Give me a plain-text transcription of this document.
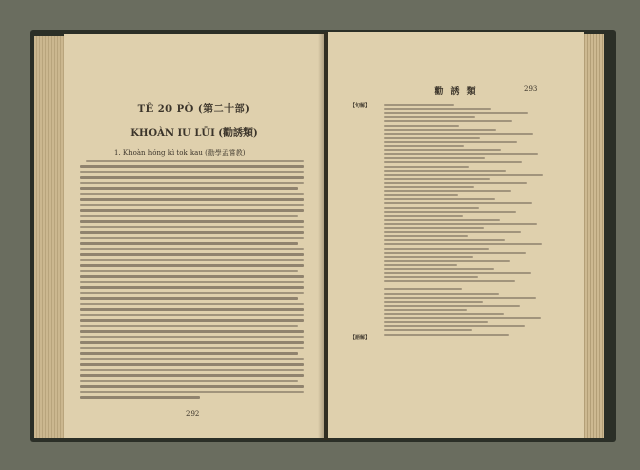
TÊ 20 PÒ (第二十部)
KHOÀN IU LŪI (勸誘類)
1. Khoàn hóng kì tok kau (勸學孟嘗教)
292
勸 誘 類	293
【句解】
【語解】
